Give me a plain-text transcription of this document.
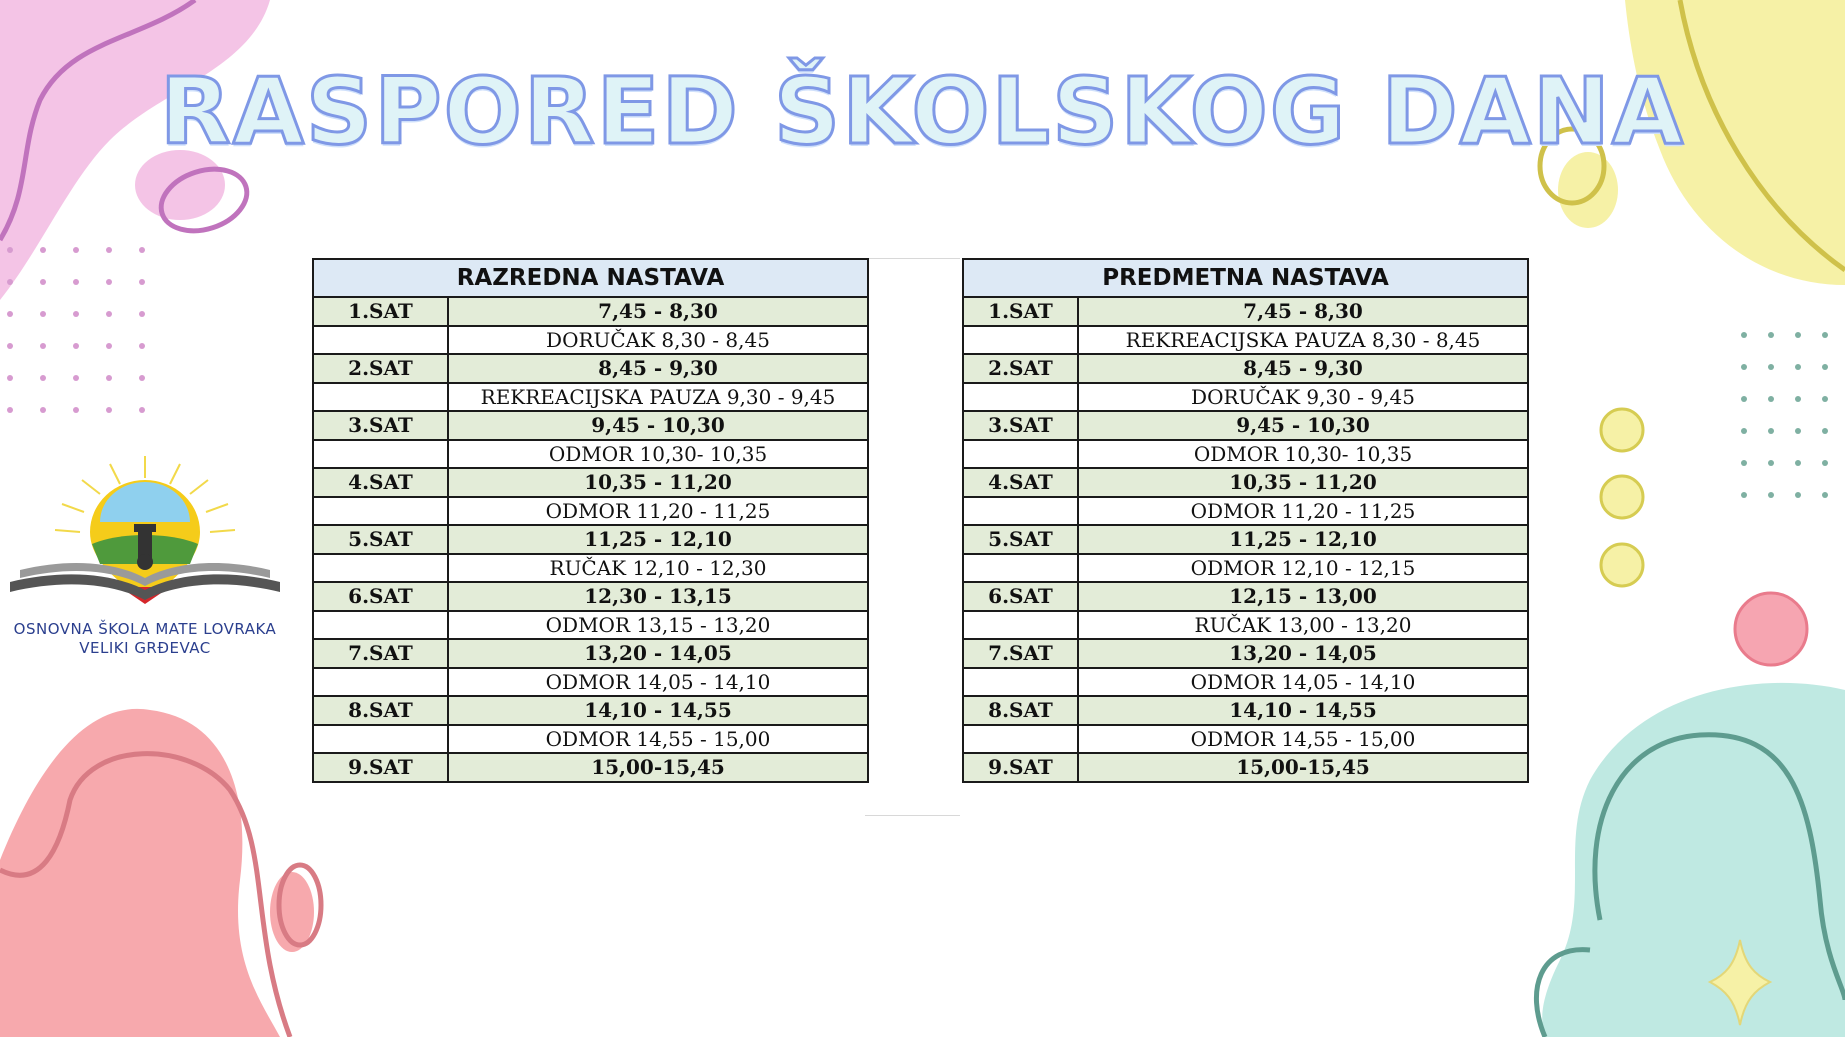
RASPORED ŠKOLSKOG DANA
OSNOVNA ŠKOLA MATE LOVRAKA
VELIKI GRĐEVAC
RAZREDNA NASTAVA	
1.SAT	7,45 - 8,30
	DORUČAK 8,30 - 8,45
2.SAT	8,45 - 9,30
	REKREACIJSKA PAUZA 9,30 - 9,45
3.SAT	9,45 - 10,30
	ODMOR 10,30- 10,35
4.SAT	10,35 - 11,20
	ODMOR 11,20 - 11,25
5.SAT	11,25 - 12,10
	RUČAK 12,10 - 12,30
6.SAT	12,30 - 13,15
	ODMOR 13,15 - 13,20
7.SAT	13,20 - 14,05
	ODMOR 14,05 - 14,10
8.SAT	14,10 - 14,55
	ODMOR 14,55 - 15,00
9.SAT	15,00-15,45
PREDMETNA NASTAVA	
1.SAT	7,45 - 8,30
	REKREACIJSKA PAUZA 8,30 - 8,45
2.SAT	8,45 - 9,30
	DORUČAK 9,30 - 9,45
3.SAT	9,45 - 10,30
	ODMOR 10,30- 10,35
4.SAT	10,35 - 11,20
	ODMOR 11,20 - 11,25
5.SAT	11,25 - 12,10
	ODMOR 12,10 - 12,15
6.SAT	12,15 - 13,00
	RUČAK 13,00 - 13,20
7.SAT	13,20 - 14,05
	ODMOR 14,05 - 14,10
8.SAT	14,10 - 14,55
	ODMOR 14,55 - 15,00
9.SAT	15,00-15,45
